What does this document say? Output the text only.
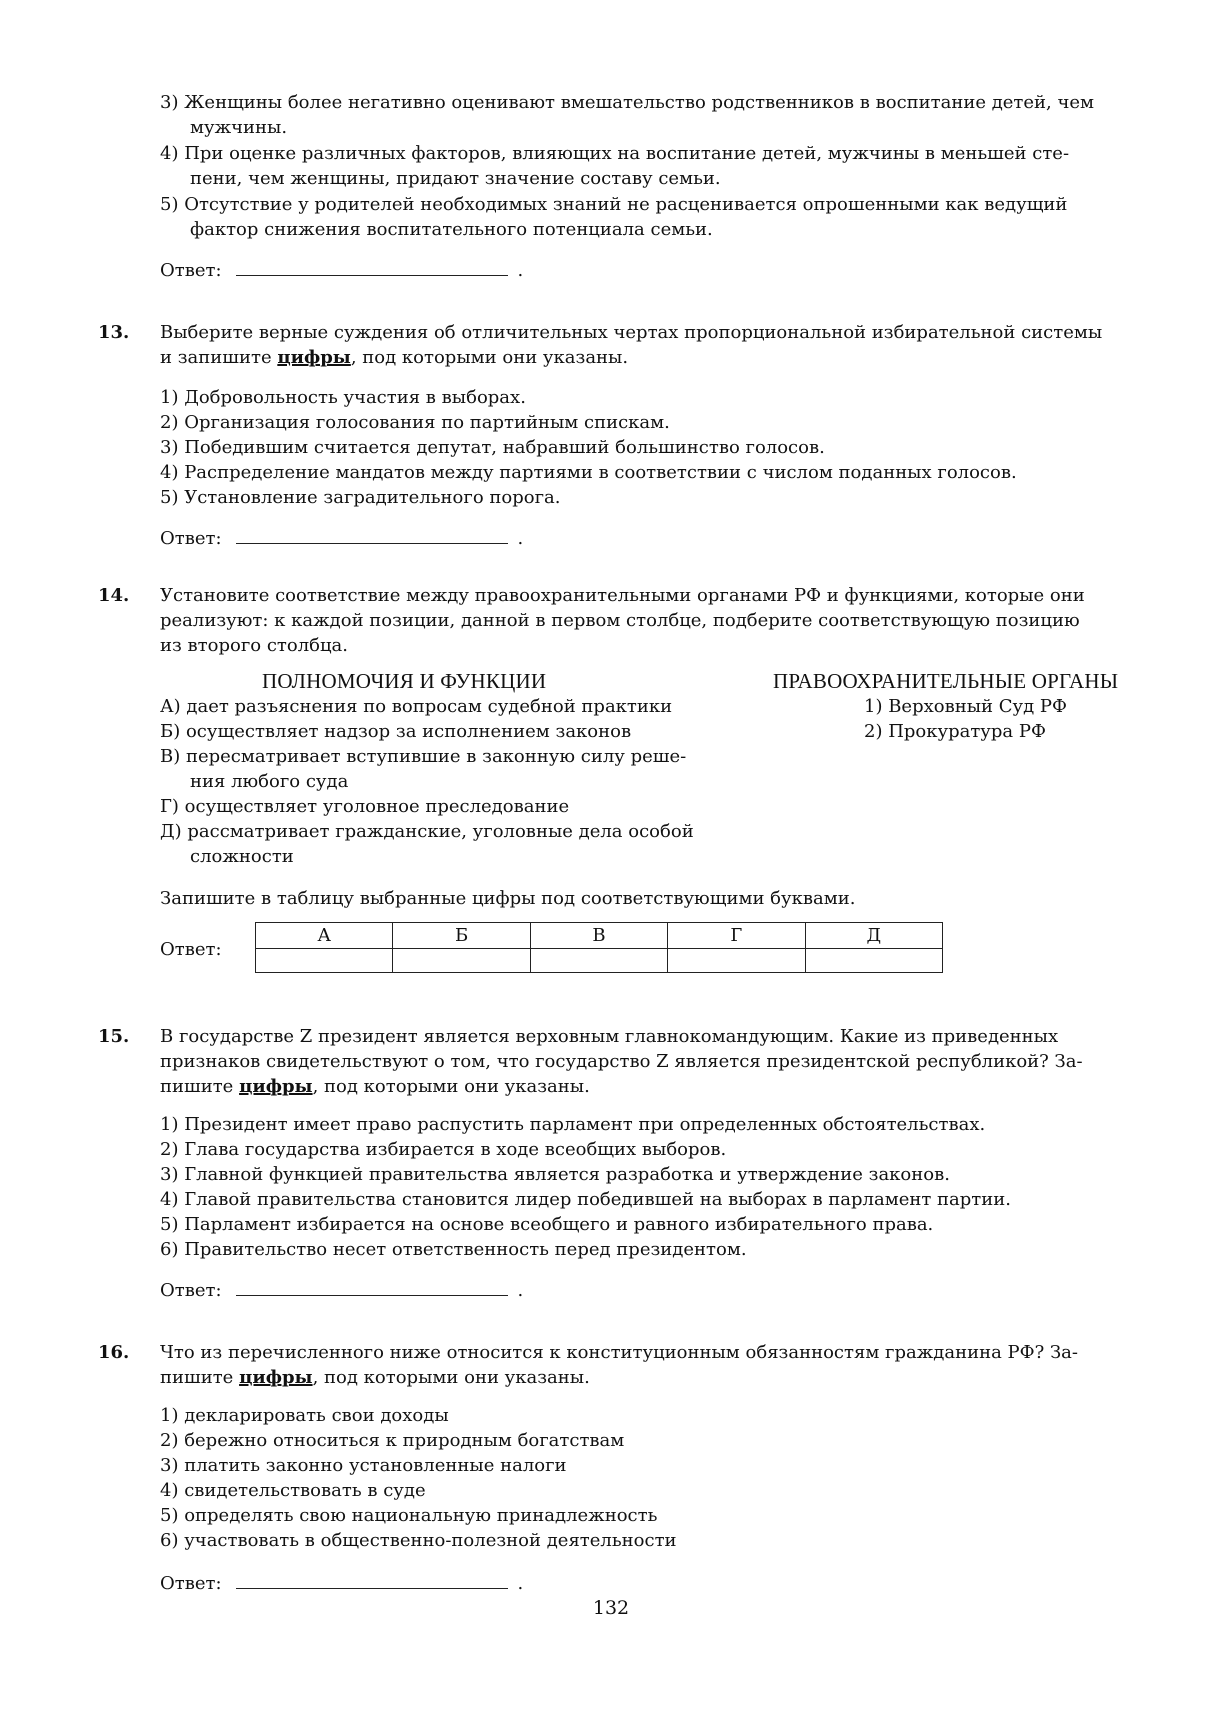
3) Женщины более негативно оценивают вмешательство родственников в воспитание детей, чем
мужчины.
4) При оценке различных факторов, влияющих на воспитание детей, мужчины в меньшей сте-
пени, чем женщины, придают значение составу семьи.
5) Отсутствие у родителей необходимых знаний не расценивается опрошенными как ведущий
фактор снижения воспитательного потенциала семьи.
Ответ:	.
13. Выберите верные суждения об отличительных чертах пропорциональной избирательной системы
и запишите цифры, под которыми они указаны.
1) Добровольность участия в выборах.
2) Организация голосования по партийным спискам.
3) Победившим считается депутат, набравший большинство голосов.
4) Распределение мандатов между партиями в соответствии с числом поданных голосов.
5) Установление заградительного порога.
Ответ:	.
14. Установите соответствие между правоохранительными органами РФ и функциями, которые они
реализуют: к каждой позиции, данной в первом столбце, подберите соответствующую позицию
из второго столбца.
ПОЛНОМОЧИЯ И ФУНКЦИИ	ПРАВООХРАНИТЕЛЬНЫЕ ОРГАНЫ
А) дает разъяснения по вопросам судебной практики
Б) осуществляет надзор за исполнением законов
В) пересматривает вступившие в законную силу реше-
ния любого суда
Г) осуществляет уголовное преследование
Д) рассматривает гражданские, уголовные дела особой
сложности
1) Верховный Суд РФ
2) Прокуратура РФ
Запишите в таблицу выбранные цифры под соответствующими буквами.
Ответ:
А	Б	В	Г	Д

15. В государстве Z президент является верховным главнокомандующим. Какие из приведенных
признаков свидетельствуют о том, что государство Z является президентской республикой? За-
пишите цифры, под которыми они указаны.
1) Президент имеет право распустить парламент при определенных обстоятельствах.
2) Глава государства избирается в ходе всеобщих выборов.
3) Главной функцией правительства является разработка и утверждение законов.
4) Главой правительства становится лидер победившей на выборах в парламент партии.
5) Парламент избирается на основе всеобщего и равного избирательного права.
6) Правительство несет ответственность перед президентом.
Ответ:	.
16. Что из перечисленного ниже относится к конституционным обязанностям гражданина РФ? За-
пишите цифры, под которыми они указаны.
1) декларировать свои доходы
2) бережно относиться к природным богатствам
3) платить законно установленные налоги
4) свидетельствовать в суде
5) определять свою национальную принадлежность
6) участвовать в общественно-полезной деятельности
Ответ:	.
132
